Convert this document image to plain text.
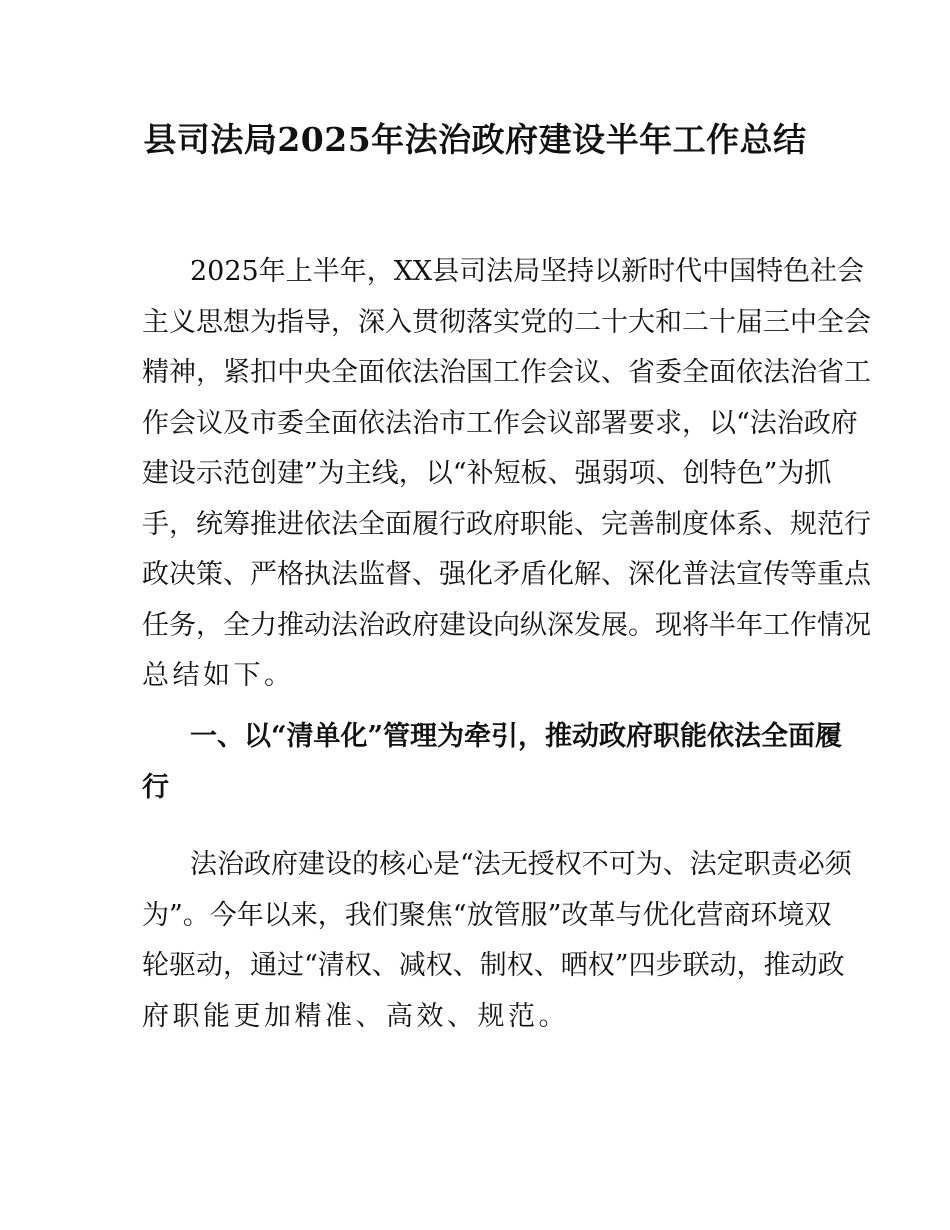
县司法局2025年法治政府建设半年工作总结
2025年上半年，XX县司法局坚持以新时代中国特色社会
主义思想为指导，深入贯彻落实党的二十大和二十届三中全会
精神，紧扣中央全面依法治国工作会议、省委全面依法治省工
作会议及市委全面依法治市工作会议部署要求，以“法治政府
建设示范创建”为主线，以“补短板、强弱项、创特色”为抓
手，统筹推进依法全面履行政府职能、完善制度体系、规范行
政决策、严格执法监督、强化矛盾化解、深化普法宣传等重点
任务，全力推动法治政府建设向纵深发展。现将半年工作情况
总结如下。
一、以“清单化”管理为牵引，推动政府职能依法全面履
行
法治政府建设的核心是“法无授权不可为、法定职责必须
为”。今年以来，我们聚焦“放管服”改革与优化营商环境双
轮驱动，通过“清权、减权、制权、晒权”四步联动，推动政
府职能更加精准、高效、规范。
